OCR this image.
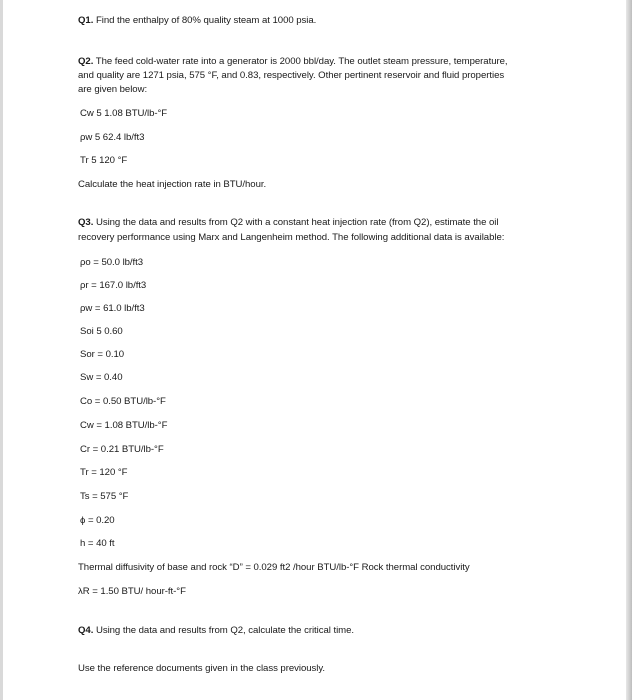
Q1. Find the enthalpy of 80% quality steam at 1000 psia.
Q2. The feed cold-water rate into a generator is 2000 bbl/day. The outlet steam pressure, temperature,
and quality are 1271 psia, 575 °F, and 0.83, respectively. Other pertinent reservoir and fluid properties
are given below:
Cw 5 1.08 BTU/lb-°F
ρw 5 62.4 lb/ft3
Tr 5 120 °F
Calculate the heat injection rate in BTU/hour.
Q3. Using the data and results from Q2 with a constant heat injection rate (from Q2), estimate the oil
recovery performance using Marx and Langenheim method. The following additional data is available:
ρo = 50.0 lb/ft3
ρr = 167.0 lb/ft3
ρw = 61.0 lb/ft3
Soi 5 0.60
Sor = 0.10
Sw = 0.40
Co = 0.50 BTU/lb-°F
Cw = 1.08 BTU/lb-°F
Cr = 0.21 BTU/lb-°F
Tr = 120 °F
Ts = 575 °F
ϕ = 0.20
h = 40 ft
Thermal diffusivity of base and rock “D” = 0.029 ft2 /hour BTU/lb-°F Rock thermal conductivity
λR = 1.50 BTU/ hour-ft-°F
Q4. Using the data and results from Q2, calculate the critical time.
Use the reference documents given in the class previously.
